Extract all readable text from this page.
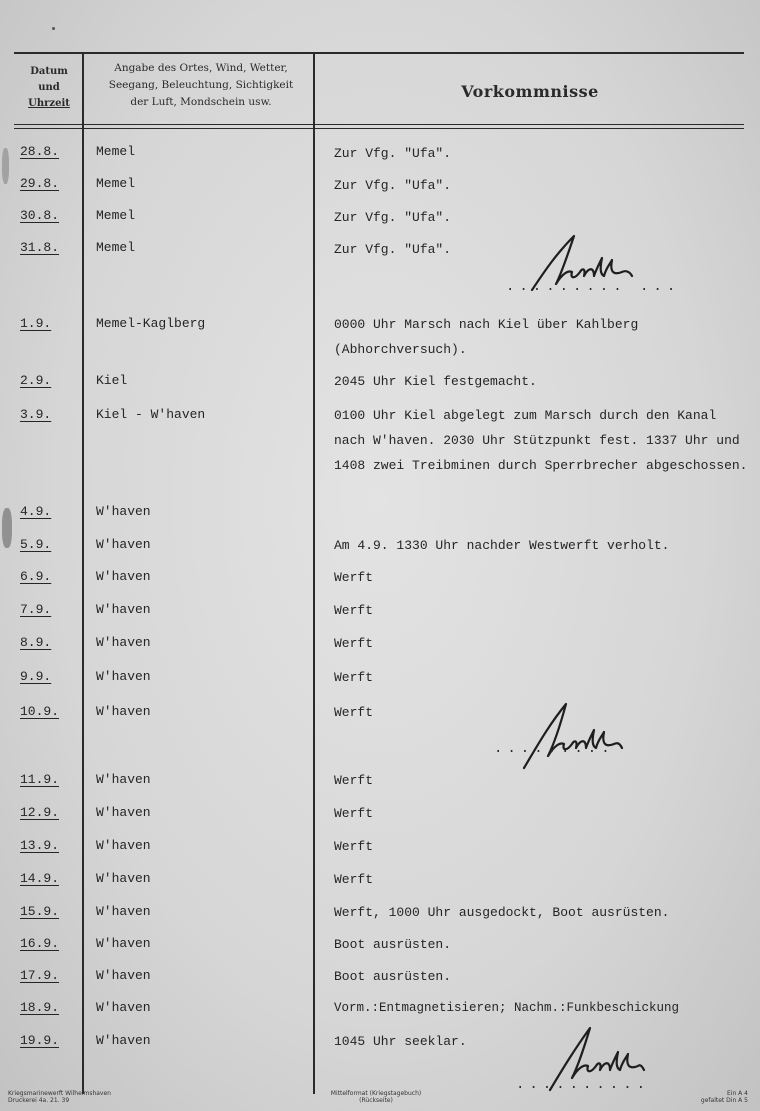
Datum
und
Uhrzeit
Angabe des Ortes, Wind, Wetter,
Seegang, Beleuchtung, Sichtigkeit
der Luft, Mondschein usw.
Vorkommnisse
28.8.	Memel	Zur Vfg. "Ufa".
29.8.	Memel	Zur Vfg. "Ufa".
30.8.	Memel	Zur Vfg. "Ufa".
31.8.	Memel	Zur Vfg. "Ufa".
········· ···
1.9.	Memel-Kaglberg	0000 Uhr Marsch nach Kiel über Kahlberg (Abhorchversuch).
2.9.	Kiel	2045 Uhr Kiel festgemacht.
3.9.	Kiel - W'haven	0100 Uhr Kiel abgelegt zum Marsch durch den Kanal nach W'haven. 2030 Uhr Stützpunkt fest. 1337 Uhr und 1408 zwei Treibminen durch Sperrbrecher abgeschossen.
4.9.	W'haven
5.9.	W'haven	Am 4.9. 1330 Uhr nachder Westwerft verholt.
6.9.	W'haven	Werft
7.9.	W'haven	Werft
8.9.	W'haven	Werft
9.9.	W'haven	Werft
10.9.	W'haven	Werft
·········
11.9.	W'haven	Werft
12.9.	W'haven	Werft
13.9.	W'haven	Werft
14.9.	W'haven	Werft
15.9.	W'haven	Werft, 1000 Uhr ausgedockt, Boot ausrüsten.
16.9.	W'haven	Boot ausrüsten.
17.9.	W'haven	Boot ausrüsten.
18.9.	W'haven	Vorm.:Entmagnetisieren; Nachm.:Funkbeschickung
19.9.	W'haven	1045 Uhr seeklar.
··········
Kriegsmarinewerft Wilhelmshaven
Druckerei 4a. 21. 39
Mittelformat (Kriegstagebuch)
(Rückseite)
Ein A 4
gefaltet Din A 5
